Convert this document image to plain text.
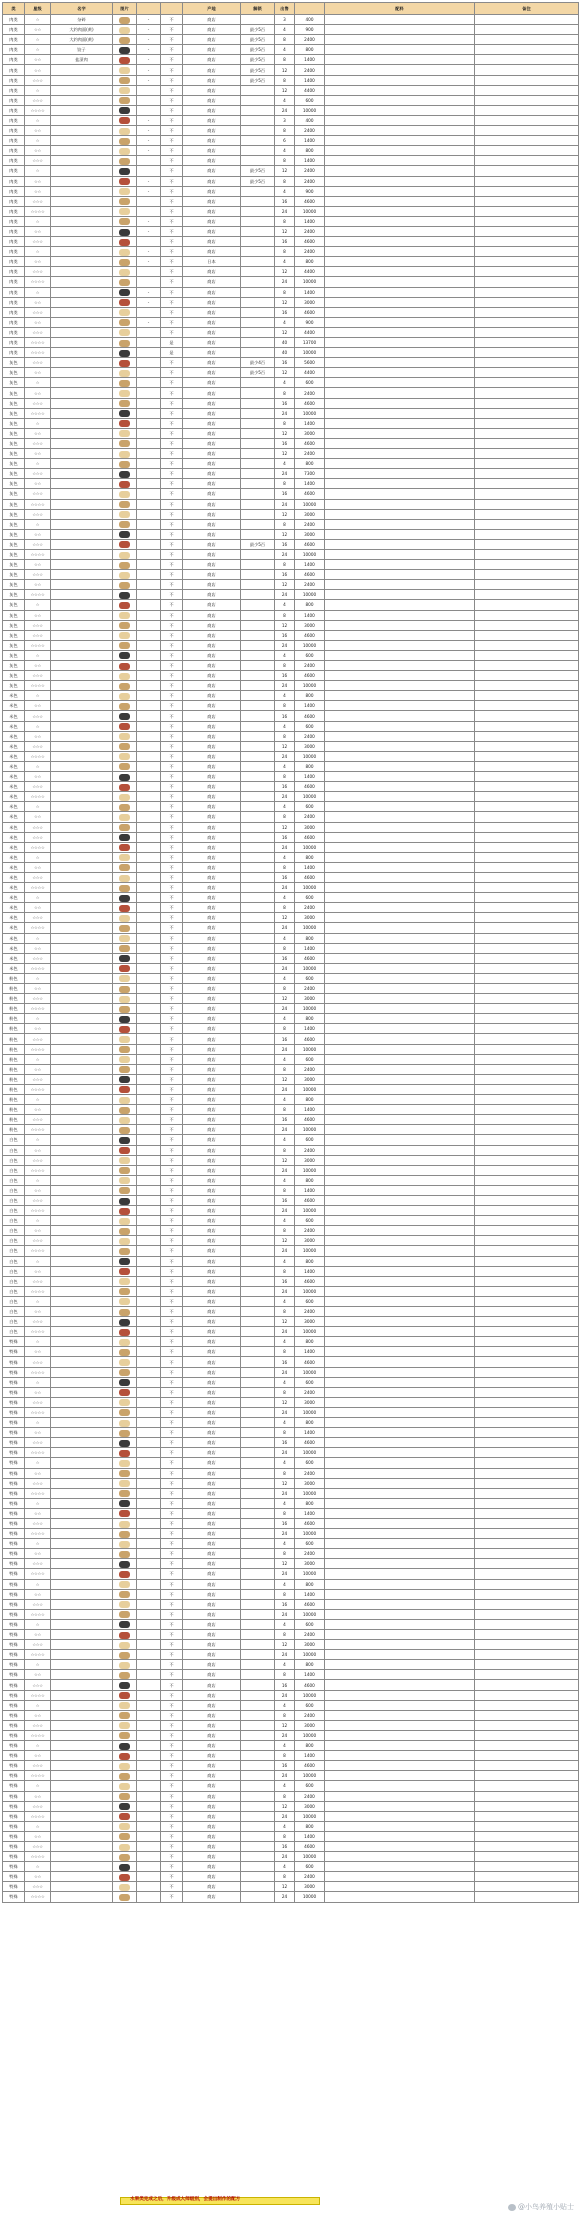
类	星级	名字	图片			产地	解锁	出售		配料	备注
肉类	☆	杂碎		-	不	商店		3	400		
肉类	☆☆	大约肉面(黄)		-	不	商店	最少5百	4	900		
肉类	☆	大约肉面(黄)		-	不	商店	最少5百	8	2400		
肉类	☆	饺子		-	不	商店	最少5百	4	800		
肉类	☆☆	盐渍肉		-	不	商店	最少5百	8	1400		
肉类	☆☆			-	不	商店	最少5百	12	2400		
肉类	☆☆☆			-	不	商店	最少5百	8	1400		
肉类	☆				不	商店		12	4400		
肉类	☆☆☆				不	商店		4	600		
肉类	☆☆☆☆				不	商店		24	10000		
肉类	☆			-	不	商店		3	400		
肉类	☆☆			-	不	商店		8	2400		
肉类	☆			-	不	商店		6	1400		
肉类	☆☆			-	不	商店		4	800		
肉类	☆☆☆				不	商店		8	1400		
肉类	☆				不	商店	最少5百	12	2400		
肉类	☆☆			-	不	商店	最少5百	8	2400		
肉类	☆☆			-	不	商店		4	900		
肉类	☆☆☆				不	商店		16	4600		
肉类	☆☆☆☆				不	商店		24	10000		
肉类	☆			-	不	商店		8	1400		
肉类	☆☆			-	不	商店		12	2400		
肉类	☆☆☆				不	商店		16	4600		
肉类	☆			-	不	商店		8	2400		
肉类	☆☆			-	不	日本		4	800		
肉类	☆☆☆				不	商店		12	4400		
肉类	☆☆☆☆				不	商店		24	10000		
肉类	☆			-	不	商店		8	1400		
肉类	☆☆			-	不	商店		12	3000		
肉类	☆☆☆				不	商店		16	4600		
肉类	☆☆			-	不	商店		4	900		
肉类	☆☆☆				不	商店		12	4400		
肉类	☆☆☆☆				是	商店		40	13700		
肉类	☆☆☆☆				是	商店		40	10000		
灰色	☆☆☆				不	商店	最少4百	16	5600		
灰色	☆☆				不	商店	最少5百	12	4400		
灰色	☆				不	商店		4	600		
灰色	☆☆				不	商店		8	2400		
灰色	☆☆☆				不	商店		16	4600		
灰色	☆☆☆☆				不	商店		24	10000		
灰色	☆				不	商店		8	1400		
灰色	☆☆				不	商店		12	3000		
灰色	☆☆☆				不	商店		16	4600		
灰色	☆☆				不	商店		12	2400		
灰色	☆				不	商店		4	800		
灰色	☆☆☆				不	商店		24	7300		
灰色	☆☆				不	商店		8	1400		
灰色	☆☆☆				不	商店		16	4600		
灰色	☆☆☆☆				不	商店		24	10000		
灰色	☆☆☆				不	商店		12	3000		
灰色	☆				不	商店		8	2400		
灰色	☆☆				不	商店		12	3000		
灰色	☆☆☆				不	商店	最少5百	16	4600		
灰色	☆☆☆☆				不	商店		24	10000		
灰色	☆☆				不	商店		8	1400		
灰色	☆☆☆				不	商店		16	4600		
灰色	☆☆				不	商店		12	2400		
灰色	☆☆☆☆				不	商店		24	10000		
灰色	☆				不	商店		4	800		
灰色	☆☆				不	商店		8	1400		
灰色	☆☆☆				不	商店		12	3000		
灰色	☆☆☆				不	商店		16	4600		
灰色	☆☆☆☆				不	商店		24	10000		
灰色	☆				不	商店		4	600		
灰色	☆☆				不	商店		8	2400		
灰色	☆☆☆				不	商店		16	4600		
灰色	☆☆☆☆				不	商店		24	10000		
米色	☆				不	商店		4	800		
米色	☆☆				不	商店		8	1400		
米色	☆☆☆				不	商店		16	4600		
米色	☆				不	商店		4	600		
米色	☆☆				不	商店		8	2400		
米色	☆☆☆				不	商店		12	3000		
米色	☆☆☆☆				不	商店		24	10000		
米色	☆				不	商店		4	800		
米色	☆☆				不	商店		8	1400		
米色	☆☆☆				不	商店		16	4600		
米色	☆☆☆☆				不	商店		24	10000		
米色	☆				不	商店		4	600		
米色	☆☆				不	商店		8	2400		
米色	☆☆☆				不	商店		12	3000		
米色	☆☆☆				不	商店		16	4600		
米色	☆☆☆☆				不	商店		24	10000		
米色	☆				不	商店		4	800		
米色	☆☆				不	商店		8	1400		
米色	☆☆☆				不	商店		16	4600		
米色	☆☆☆☆				不	商店		24	10000		
米色	☆				不	商店		4	600		
米色	☆☆				不	商店		8	2400		
米色	☆☆☆				不	商店		12	3000		
米色	☆☆☆☆				不	商店		24	10000		
米色	☆				不	商店		4	800		
米色	☆☆				不	商店		8	1400		
米色	☆☆☆				不	商店		16	4600		
米色	☆☆☆☆				不	商店		24	10000		
粉色	☆				不	商店		4	600		
粉色	☆☆				不	商店		8	2400		
粉色	☆☆☆				不	商店		12	3000		
粉色	☆☆☆☆				不	商店		24	10000		
粉色	☆				不	商店		4	800		
粉色	☆☆				不	商店		8	1400		
粉色	☆☆☆				不	商店		16	4600		
粉色	☆☆☆☆				不	商店		24	10000		
粉色	☆				不	商店		4	600		
粉色	☆☆				不	商店		8	2400		
粉色	☆☆☆				不	商店		12	3000		
粉色	☆☆☆☆				不	商店		24	10000		
粉色	☆				不	商店		4	800		
粉色	☆☆				不	商店		8	1400		
粉色	☆☆☆				不	商店		16	4600		
粉色	☆☆☆☆				不	商店		24	10000		
白色	☆				不	商店		4	600		
白色	☆☆				不	商店		8	2400		
白色	☆☆☆				不	商店		12	3000		
白色	☆☆☆☆				不	商店		24	10000		
白色	☆				不	商店		4	800		
白色	☆☆				不	商店		8	1400		
白色	☆☆☆				不	商店		16	4600		
白色	☆☆☆☆				不	商店		24	10000		
白色	☆				不	商店		4	600		
白色	☆☆				不	商店		8	2400		
白色	☆☆☆				不	商店		12	3000		
白色	☆☆☆☆				不	商店		24	10000		
白色	☆				不	商店		4	800		
白色	☆☆				不	商店		8	1400		
白色	☆☆☆				不	商店		16	4600		
白色	☆☆☆☆				不	商店		24	10000		
白色	☆				不	商店		4	600		
白色	☆☆				不	商店		8	2400		
白色	☆☆☆				不	商店		12	3000		
白色	☆☆☆☆				不	商店		24	10000		
特殊	☆				不	商店		4	800		
特殊	☆☆				不	商店		8	1400		
特殊	☆☆☆				不	商店		16	4600		
特殊	☆☆☆☆				不	商店		24	10000		
特殊	☆				不	商店		4	600		
特殊	☆☆				不	商店		8	2400		
特殊	☆☆☆				不	商店		12	3000		
特殊	☆☆☆☆				不	商店		24	10000		
特殊	☆				不	商店		4	800		
特殊	☆☆				不	商店		8	1400		
特殊	☆☆☆				不	商店		16	4600		
特殊	☆☆☆☆				不	商店		24	10000		
特殊	☆				不	商店		4	600		
特殊	☆☆				不	商店		8	2400		
特殊	☆☆☆				不	商店		12	3000		
特殊	☆☆☆☆				不	商店		24	10000		
特殊	☆				不	商店		4	800		
特殊	☆☆				不	商店		8	1400		
特殊	☆☆☆				不	商店		16	4600		
特殊	☆☆☆☆				不	商店		24	10000		
特殊	☆				不	商店		4	600		
特殊	☆☆				不	商店		8	2400		
特殊	☆☆☆				不	商店		12	3000		
特殊	☆☆☆☆				不	商店		24	10000		
特殊	☆				不	商店		4	800		
特殊	☆☆				不	商店		8	1400		
特殊	☆☆☆				不	商店		16	4600		
特殊	☆☆☆☆				不	商店		24	10000		
特殊	☆				不	商店		4	600		
特殊	☆☆				不	商店		8	2400		
特殊	☆☆☆				不	商店		12	3000		
特殊	☆☆☆☆				不	商店		24	10000		
特殊	☆				不	商店		4	800		
特殊	☆☆				不	商店		8	1400		
特殊	☆☆☆				不	商店		16	4600		
特殊	☆☆☆☆				不	商店		24	10000		
特殊	☆				不	商店		4	600		
特殊	☆☆				不	商店		8	2400		
特殊	☆☆☆				不	商店		12	3000		
特殊	☆☆☆☆				不	商店		24	10000		
特殊	☆				不	商店		4	800		
特殊	☆☆				不	商店		8	1400		
特殊	☆☆☆				不	商店		16	4600		
特殊	☆☆☆☆				不	商店		24	10000		
特殊	☆				不	商店		4	600		
特殊	☆☆				不	商店		8	2400		
特殊	☆☆☆				不	商店		12	3000		
特殊	☆☆☆☆				不	商店		24	10000		
特殊	☆				不	商店		4	800		
特殊	☆☆				不	商店		8	1400		
特殊	☆☆☆				不	商店		16	4600		
特殊	☆☆☆☆				不	商店		24	10000		
特殊	☆				不	商店		4	600		
特殊	☆☆				不	商店		8	2400		
特殊	☆☆☆				不	商店		12	3000		
特殊	☆☆☆☆				不	商店		24	10000		
水果类完成之后，升级成大师级别，会提出制作的配方
@小鸟养殖小贴士
